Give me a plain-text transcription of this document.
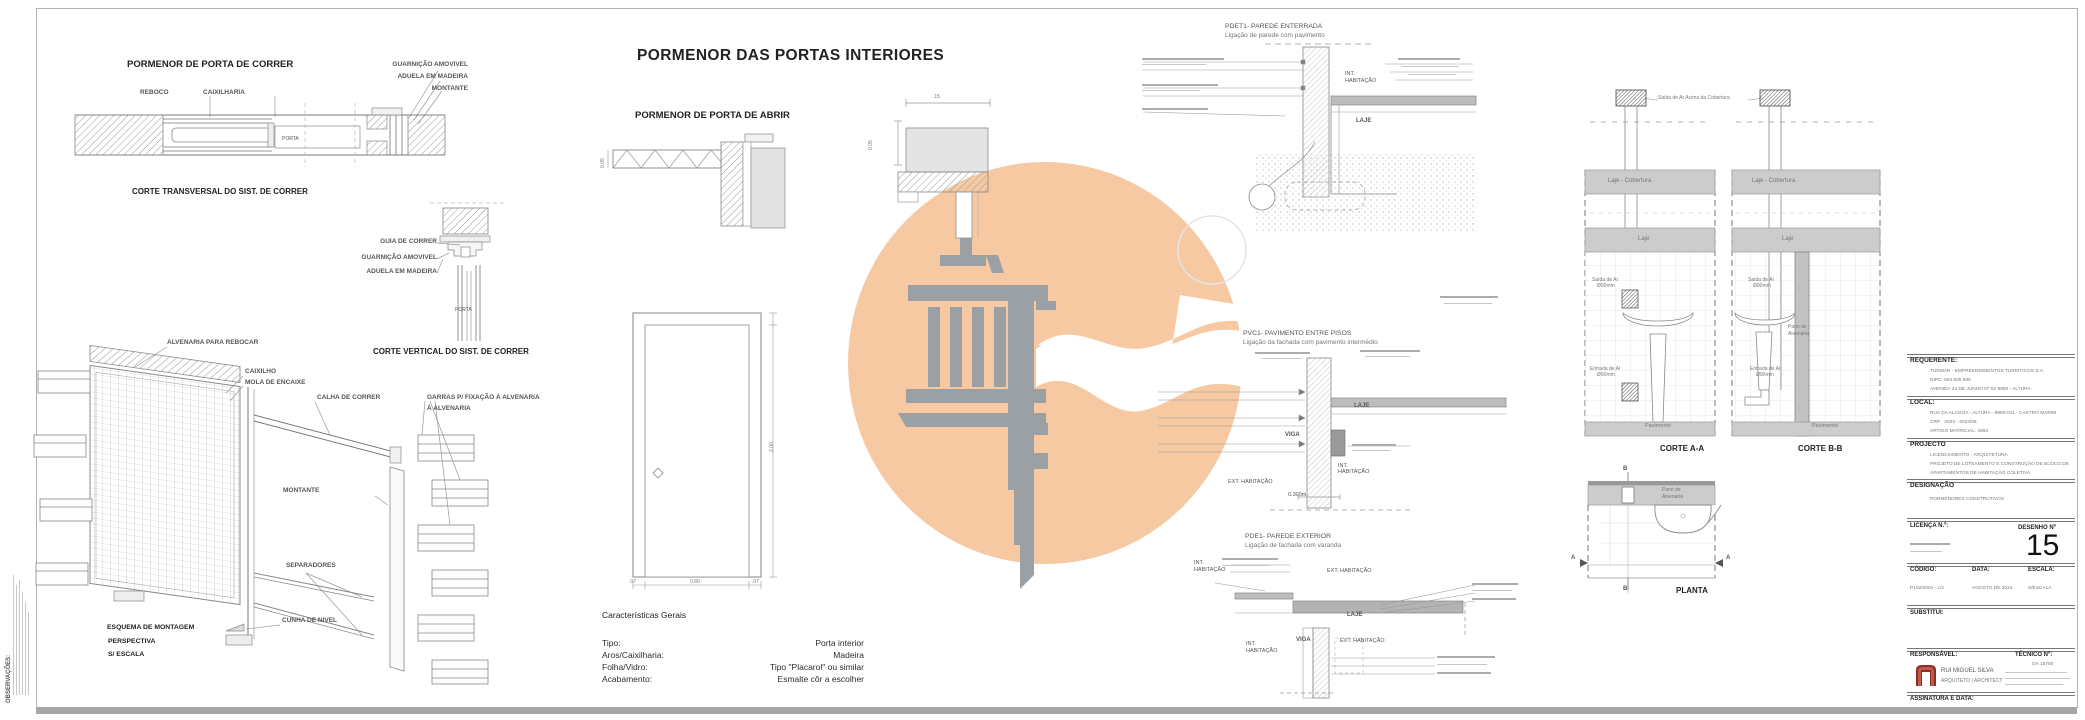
OBSERVAÇÕES:
PORMENOR DE PORTA DE CORRER
REBOCO	CAIXILHARIA
GUARNIÇÃO AMOVIVEL
ADUELA EM MADEIRA
MONTANTE
PORTA
CORTE TRANSVERSAL DO SIST. DE CORRER
GUIA DE CORRER
GUARNIÇÃO AMOVIVEL
ADUELA EM MADEIRA
PORTA
CORTE VERTICAL DO SIST. DE CORRER
ALVENARIA PARA REBOCAR
CAIXILHO
MOLA DE ENCAIXE
CALHA DE CORRER	GARRAS P/ FIXAÇÃO À ALVENARIA
À ALVENARIA
MONTANTE
SEPARADORES
CUNHA DE NIVEL
ESQUEMA DE MONTAGEM
PERSPECTIVA
S/ ESCALA
PORMENOR DAS PORTAS INTERIORES
PORMENOR DE PORTA DE ABRIR
0.05
.15
0.05
.07	0.80	.07
2.00
Características Gerais
Tipo:	Porta interior
Aros/Caixilharia:	Madeira
Folha/Vidro:	Tipo "Placarol" ou similar
Acabamento:	Esmalte côr a escolher
PDET1- PAREDE ENTERRADA
Ligação de parede com pavimento
INT.
HABITAÇÃO
LAJE
PVC1- PAVIMENTO ENTRE PISOS
Ligação da fachada com pavimento intermédio
LAJE
VIGA
INT.
HABITAÇÃO
EXT. HABITAÇÃO
0.300m
PDE1- PAREDE EXTERIOR
Ligação de fachada com varanda
INT.
HABITAÇÃO	EXT. HABITAÇÃO
LAJE
VIGA
INT.
HABITAÇÃO
EXT. HABITAÇÃO
Saída de Ar Acima da Cobertura
Laje - Cobertura	Laje - Cobertura
Laje	Laje
Saída de Ar
Ø90mm
Saída de Ar
Ø90mm
Entrada de Ar
Ø90mm
Entrada de Ar
Ø90mm
Pavimento	Pavimento
Pano de
Alvenaria
CORTE A-A	CORTE B-B
B
Pano de
Alvenaria
A	A
B	PLANTA
REQUERENTE:
TURMAR - EMPREENDIMENTOS TURISTICOS S.A.
NIPC: 503 605 908
AVENIDA 24 DE JUNHO Nº 52 8950 - ALTURA
LOCAL:
RUA DA ALAGOA - ALTURA - 8950-011 - CASTRO MARIM
CRP - 2023 - 2023/08
ARTIGO MATRICIAL: 4594
PROJECTO
LICENCIAMENTO - ARQUITETURA
PROJETO DE LOTEAMENTO E CONSTRUÇÃO DE BLOCO DE
APARTAMENTOS DE HABITAÇÃO COLETIVA
DESIGNAÇÃO
PORMENORES CONSTRUTIVOS
LICENÇA N.º:	DESENHO Nº
15
CÓDIGO:	DATA:	ESCALA:
P102/2004 - LO	AGOSTO DE 2024	S/ESCALA
SUBSTITUI:
RESPONSÁVEL:	TÉCNICO Nº:
OA 15750
RUI MIGUEL SILVA
ARQUITETO | ARCHITECT
ASSINATURA E DATA:
